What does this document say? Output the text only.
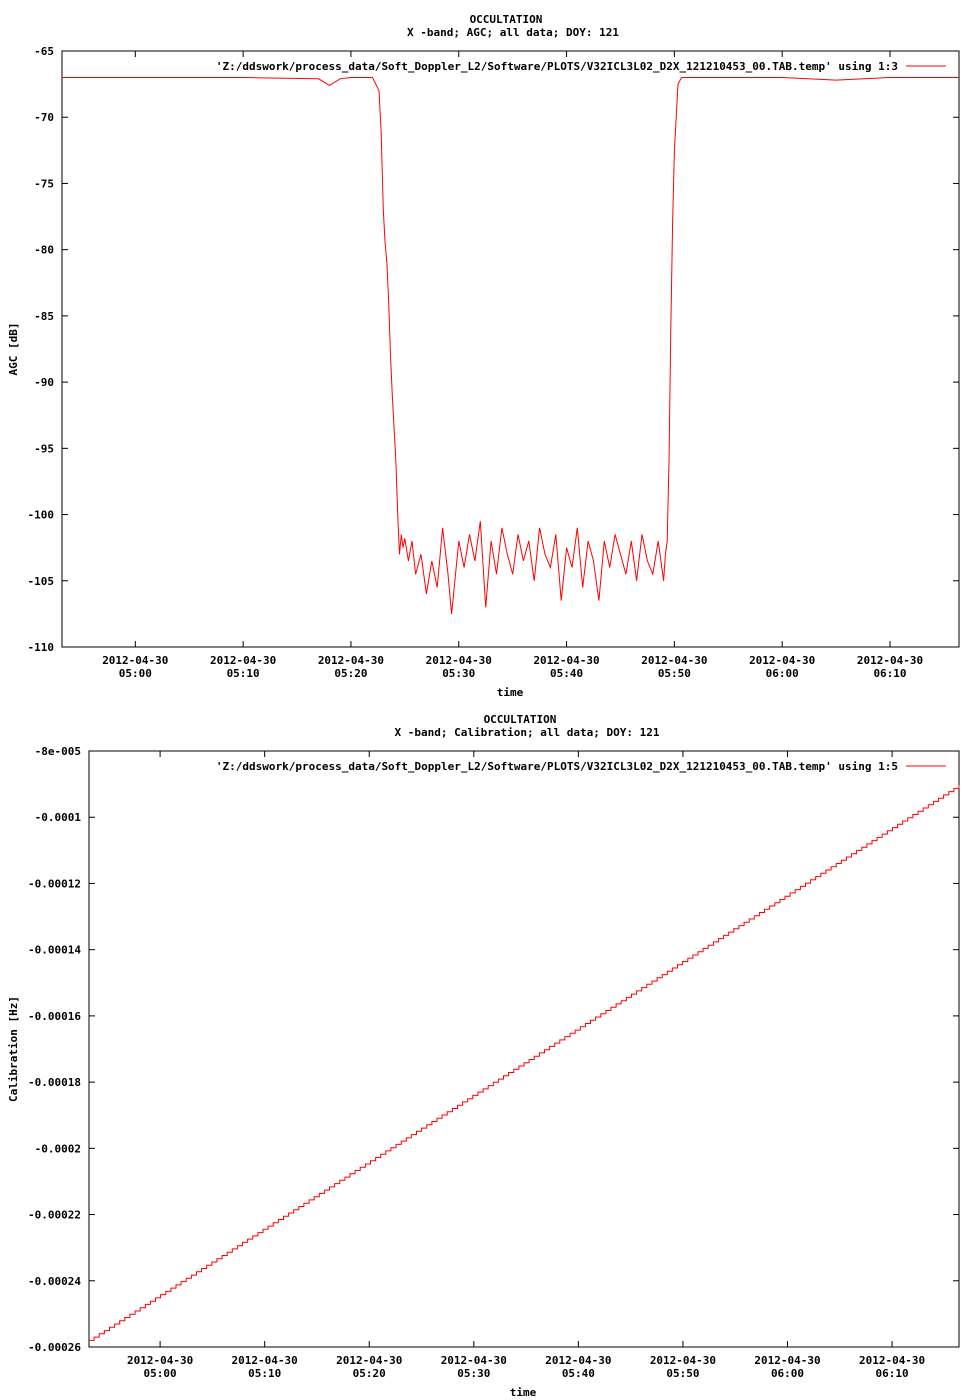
OCCULTATION
X -band; AGC; all data; DOY: 121
-65
-70
-75
-80
-85
-90
-95
-100
-105
-110
2012-04-30
05:00
2012-04-30
05:10
2012-04-30
05:20
2012-04-30
05:30
2012-04-30
05:40
2012-04-30
05:50
2012-04-30
06:00
2012-04-30
06:10
time
AGC [dB]
'Z:/ddswork/process_data/Soft_Doppler_L2/Software/PLOTS/V32ICL3L02_D2X_121210453_00.TAB.temp' using 1:3
OCCULTATION
X -band; Calibration; all data; DOY: 121
-8e-005
-0.0001
-0.00012
-0.00014
-0.00016
-0.00018
-0.0002
-0.00022
-0.00024
-0.00026
2012-04-30
05:00
2012-04-30
05:10
2012-04-30
05:20
2012-04-30
05:30
2012-04-30
05:40
2012-04-30
05:50
2012-04-30
06:00
2012-04-30
06:10
time
Calibration [Hz]
'Z:/ddswork/process_data/Soft_Doppler_L2/Software/PLOTS/V32ICL3L02_D2X_121210453_00.TAB.temp' using 1:5
